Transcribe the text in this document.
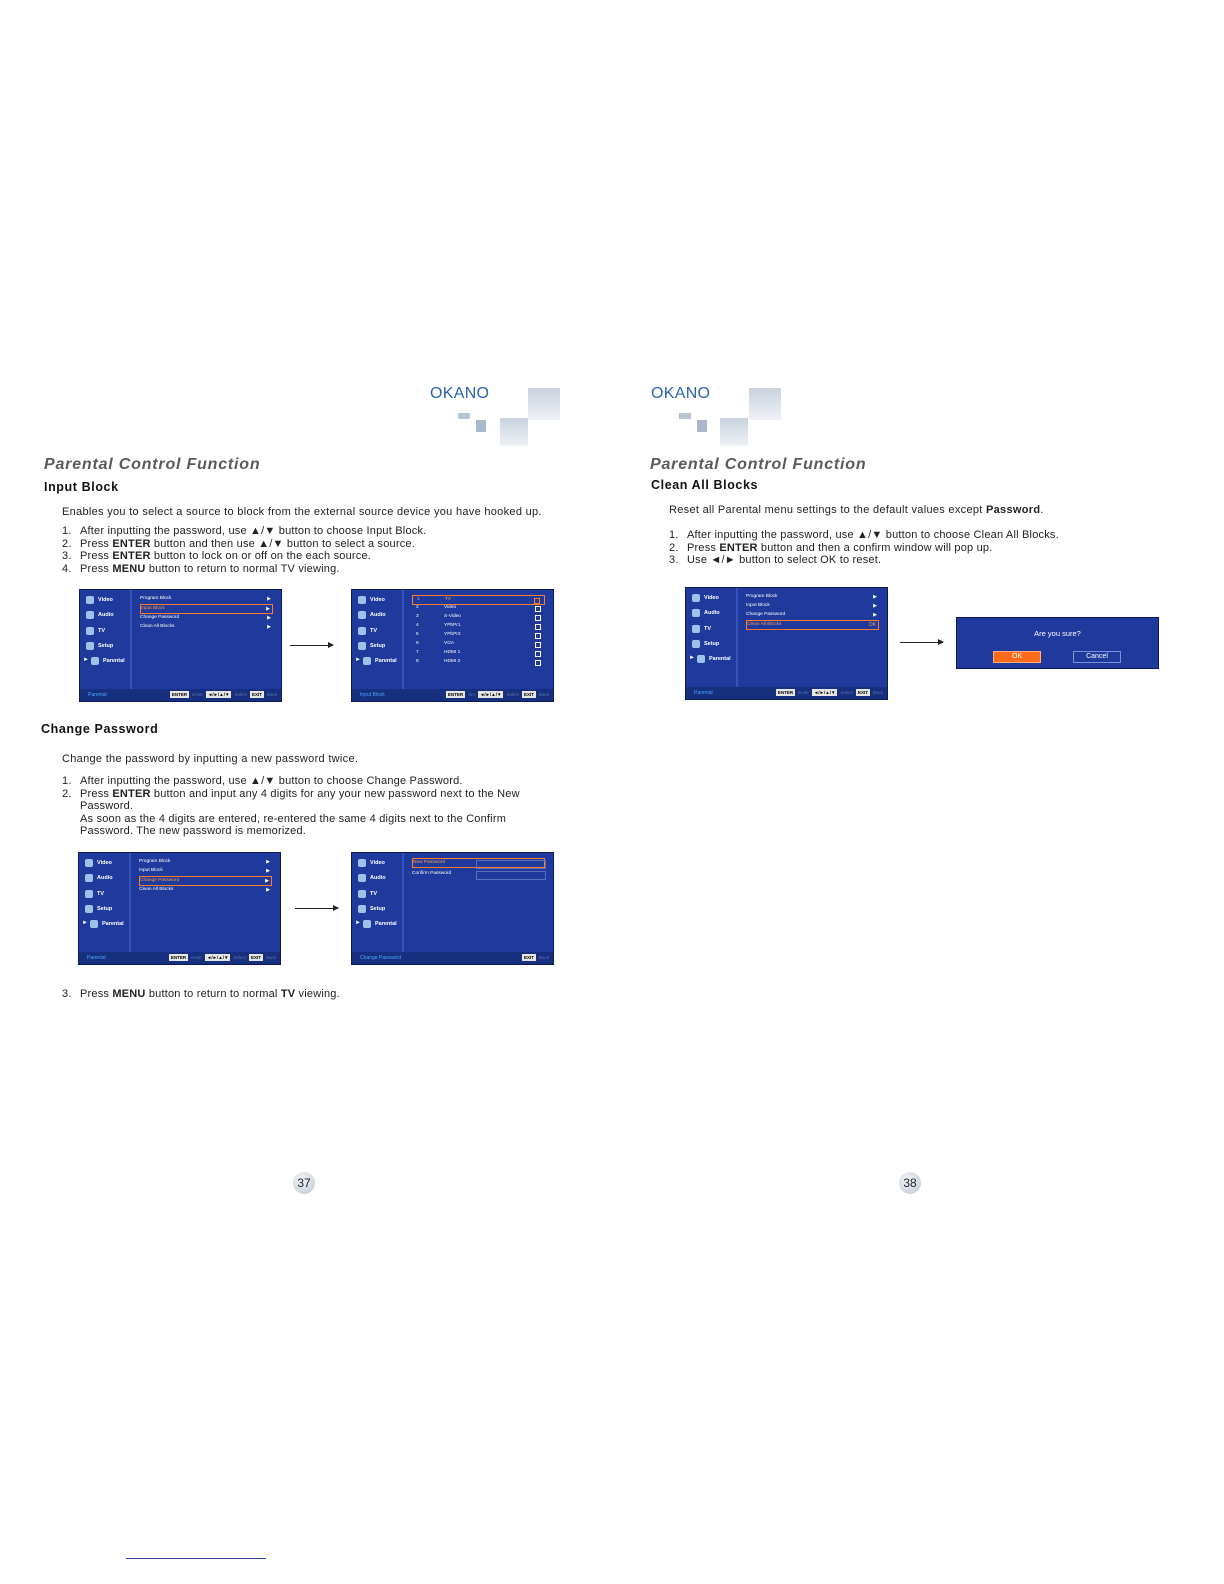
OKANO
Parental Control Function
Input Block
Enables you to select a source to block from the external source device you have hooked up.
1. After inputting the password, use ▲/▼ button to choose Input Block.
2. Press ENTER button and then use ▲/▼ button to select a source.
3. Press ENTER button to lock on or off on the each source.
4. Press MENU button to return to normal TV viewing.
Video
Audio
TV
Setup
►	Parental
Program Block	▶
Input Block	▶
Change Password	▶
Clean All Blocks	▶
Parental	ENTER	Enter	◄/►/▲/▼	Select	EXIT	Back
Video
Audio
TV
Setup
►	Parental
1	TV
2	Video
3	S-Video
4	YPbPr1
5	YPbPr2
6	VGA
7	HDMI 1
8	HDMI 2
Input Block	ENTER	Set	◄/►/▲/▼	Select	EXIT	Back
Change Password
Change the password by inputting a new password twice.
1. After inputting the password, use ▲/▼ button to choose Change Password.
2. Press ENTER button and input any 4 digits for any your new password next to the New
Password.
As soon as the 4 digits are entered, re-entered the same 4 digits next to the Confirm
Password. The new password is memorized.
Video
Audio
TV
Setup
►	Parental
Program Block	▶
Input Block	▶
Change Password	▶
Clean All Blocks	▶
Parental	ENTER	Enter	◄/►/▲/▼	Select	EXIT	Back
Video
Audio
TV
Setup
►	Parental
New Password
Confirm Password
Change Password	EXIT	Back
3. Press MENU button to return to normal TV viewing.
37
OKANO
Parental Control Function
Clean All Blocks
Reset all Parental menu settings to the default values except Password.
1. After inputting the password, use ▲/▼ button to choose Clean All Blocks.
2. Press ENTER button and then a confirm window will pop up.
3. Use ◄/► button to select OK to reset.
Video
Audio
TV
Setup
►	Parental
Program Block	▶
Input Block	▶
Change Password	▶
Clean All Blocks	OK
Parental	ENTER	Enter	◄/►/▲/▼	Select	EXIT	Back
Are you sure?
OK	Cancel
38
